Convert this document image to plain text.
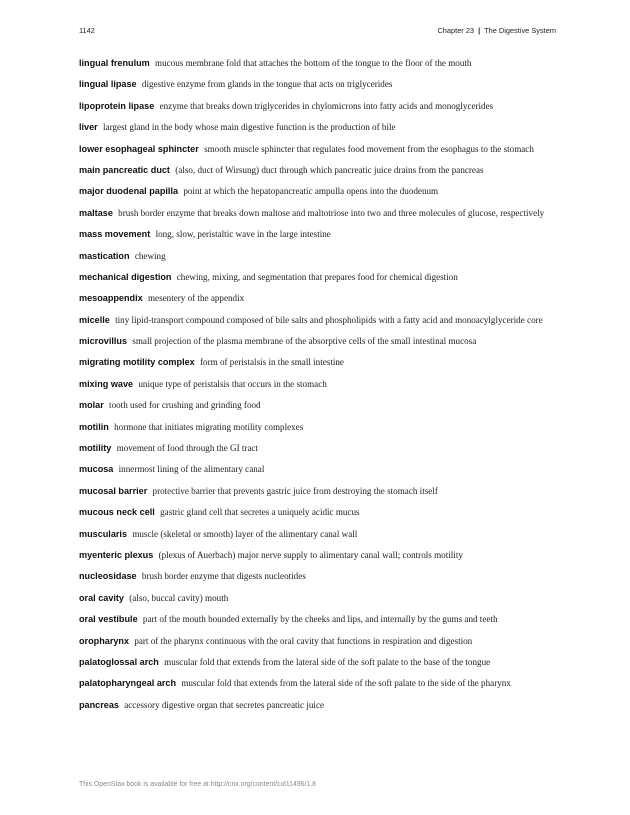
1142	Chapter 23 | The Digestive System

lingual frenulum mucous membrane fold that attaches the bottom of the tongue to the floor of the mouth

lingual lipase digestive enzyme from glands in the tongue that acts on triglycerides

lipoprotein lipase enzyme that breaks down triglycerides in chylomicrons into fatty acids and monoglycerides

liver largest gland in the body whose main digestive function is the production of bile

lower esophageal sphincter smooth muscle sphincter that regulates food movement from the esophagus to the stomach

main pancreatic duct (also, duct of Wirsung) duct through which pancreatic juice drains from the pancreas

major duodenal papilla point at which the hepatopancreatic ampulla opens into the duodenum

maltase brush border enzyme that breaks down maltose and maltotriose into two and three molecules of glucose, respectively

mass movement long, slow, peristaltic wave in the large intestine

mastication chewing

mechanical digestion chewing, mixing, and segmentation that prepares food for chemical digestion

mesoappendix mesentery of the appendix

micelle tiny lipid-transport compound composed of bile salts and phospholipids with a fatty acid and monoacylglyceride core

microvillus small projection of the plasma membrane of the absorptive cells of the small intestinal mucosa

migrating motility complex form of peristalsis in the small intestine

mixing wave unique type of peristalsis that occurs in the stomach

molar tooth used for crushing and grinding food

motilin hormone that initiates migrating motility complexes

motility movement of food through the GI tract

mucosa innermost lining of the alimentary canal

mucosal barrier protective barrier that prevents gastric juice from destroying the stomach itself

mucous neck cell gastric gland cell that secretes a uniquely acidic mucus

muscularis muscle (skeletal or smooth) layer of the alimentary canal wall

myenteric plexus (plexus of Auerbach) major nerve supply to alimentary canal wall; controls motility

nucleosidase brush border enzyme that digests nucleotides

oral cavity (also, buccal cavity) mouth

oral vestibule part of the mouth bounded externally by the cheeks and lips, and internally by the gums and teeth

oropharynx part of the pharynx continuous with the oral cavity that functions in respiration and digestion

palatoglossal arch muscular fold that extends from the lateral side of the soft palate to the base of the tongue

palatopharyngeal arch muscular fold that extends from the lateral side of the soft palate to the side of the pharynx

pancreas accessory digestive organ that secretes pancreatic juice

This OpenStax book is available for free at http://cnx.org/content/col11496/1.8
